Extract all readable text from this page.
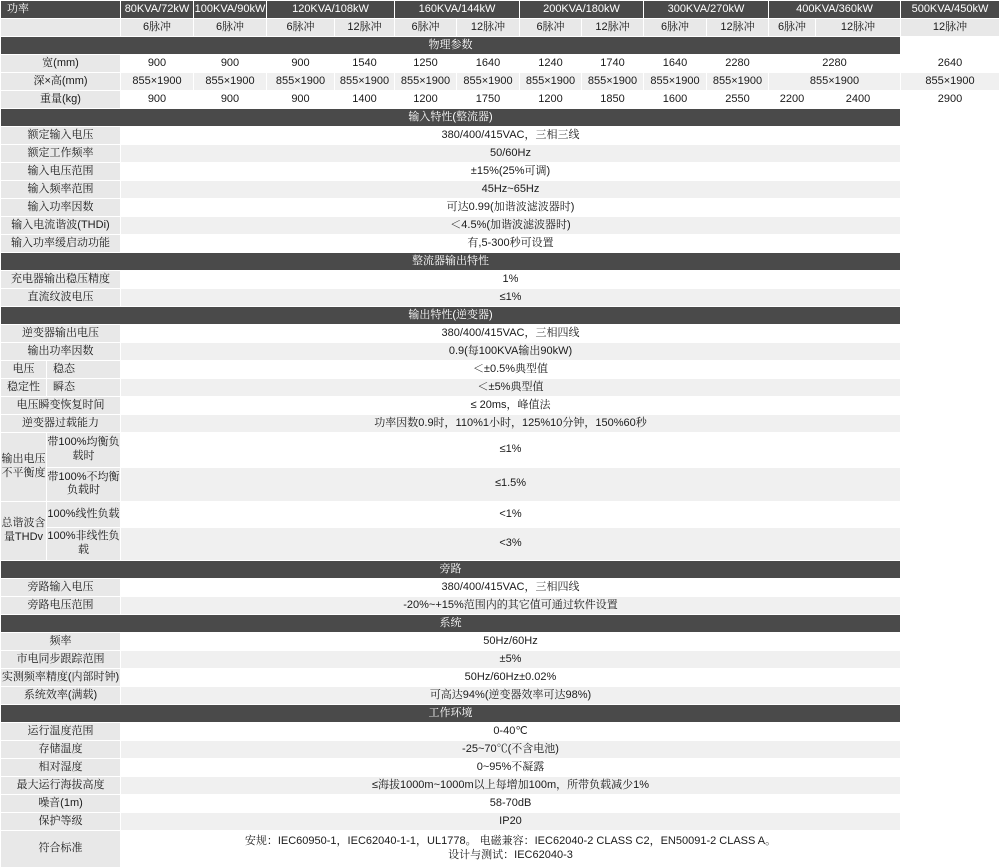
功率		80KVA/72kW	100KVA/90kW	120KVA/108kW		160KVA/144kW		200KVA/180kW		300KVA/270kW		400KVA/360kW		500KVA/450kW
		6脉冲	6脉冲	6脉冲	12脉冲	6脉冲	12脉冲	6脉冲	12脉冲	6脉冲	12脉冲	6脉冲	12脉冲	12脉冲
物理参数														
宽(mm)		900	900	900	1540	1250	1640	1240	1740	1640	2280	2280		2640
深×高(mm)		855×1900	855×1900	855×1900	855×1900	855×1900	855×1900	855×1900	855×1900	855×1900	855×1900	855×1900		855×1900
重量(kg)		900	900	900	1400	1200	1750	1200	1850	1600	2550	2200	2400	2900
输入特性(整流器)														
额定输入电压		380/400/415VAC，三相三线												
额定工作频率		50/60Hz												
输入电压范围		±15%(25%可调)												
输入频率范围		45Hz~65Hz												
输入功率因数		可达0.99(加谐波滤波器时)												
输入电流谐波(THDi)		＜4.5%(加谐波滤波器时)												
输入功率缓启动功能		有,5-300秒可设置												
整流器输出特性														
充电器输出稳压精度		1%												
直流纹波电压		≤1%												
输出特性(逆变器)														
逆变器输出电压		380/400/415VAC，三相四线												
输出功率因数		0.9(每100KVA输出90kW)												
电压	稳态	＜±0.5%典型值												
稳定性	瞬态	＜±5%典型值												
电压瞬变恢复时间		≤ 20ms，峰值法												
逆变器过载能力		功率因数0.9时，110%1小时，125%10分钟，150%60秒												
输出电压不平衡度	带100%均衡负载时	≤1%												
	带100%不均衡负载时	≤1.5%												
总谐波含量THDv	100%线性负载	<1%												
	100%非线性负载	<3%												
旁路														
旁路输入电压		380/400/415VAC，三相四线												
旁路电压范围		-20%~+15%范围内的其它值可通过软件设置												
系统														
频率		50Hz/60Hz												
市电同步跟踪范围		±5%												
实测频率精度(内部时钟)		50Hz/60Hz±0.02%												
系统效率(满载)		可高达94%(逆变器效率可达98%)												
工作环境														
运行温度范围		0-40℃												
存储温度		-25~70℃(不含电池)												
相对湿度		0~95%不凝露												
最大运行海拔高度		≤海拔1000m~1000m以上每增加100m，所带负载减少1%												
噪音(1m)		58-70dB												
保护等级		IP20												
符合标准		安规：IEC60950-1，IEC62040-1-1，UL1778。 电磁兼容：IEC62040-2 CLASS C2，EN50091-2 CLASS A。
设计与测试：IEC62040-3												
